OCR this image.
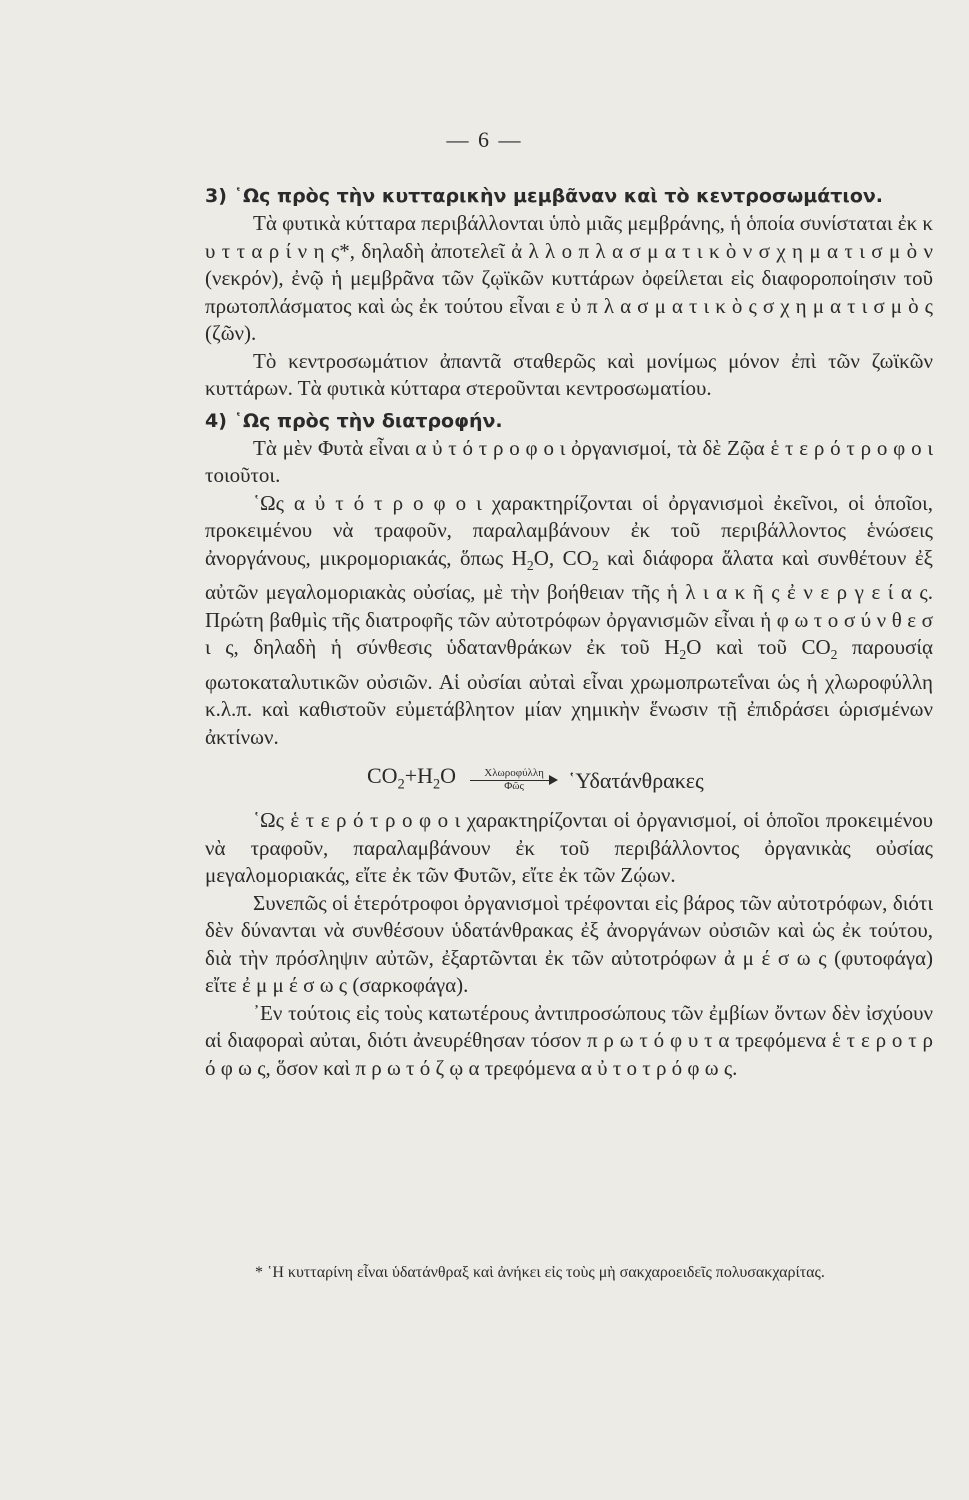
— 6 —

3) ῾Ως πρὸς τὴν κυτταρικὴν μεμβᾶναν καὶ τὸ κεντροσωμάτιον.

Τὰ φυτικὰ κύτταρα περιβάλλονται ὑπὸ μιᾶς μεμβράνης, ἡ ὁποία συνίσταται ἐκ κ υ τ τ α ρ ί ν η ς*, δηλαδὴ ἀποτελεῖ ἀ λ λ ο π λ α σ μ α τ ι κ ὸ ν σ χ η μ α τ ι σ μ ὸ ν (νεκρόν), ἐνῷ ἡ μεμβρᾶνα τῶν ζῳϊκῶν κυττάρων ὀφείλεται εἰς διαφοροποίησιν τοῦ πρωτοπλάσματος καὶ ὡς ἐκ τούτου εἶναι ε ὐ π λ α σ μ α τ ι κ ὸ ς σ χ η μ α τ ι σ μ ὸ ς (ζῶν).

Τὸ κεντροσωμάτιον ἀπαντᾶ σταθερῶς καὶ μονίμως μόνον ἐπὶ τῶν ζωϊκῶν κυττάρων. Τὰ φυτικὰ κύτταρα στεροῦνται κεντροσωματίου.

4) ῾Ως πρὸς τὴν διατροφήν.

Τὰ μὲν Φυτὰ εἶναι α ὐ τ ό τ ρ ο φ ο ι ὀργανισμοί, τὰ δὲ Ζῷα ἑ τ ε ρ ό τ ρ ο φ ο ι τοιοῦτοι.

῾Ως α ὐ τ ό τ ρ ο φ ο ι χαρακτηρίζονται οἱ ὀργανισμοὶ ἐκεῖνοι, οἱ ὁποῖοι, προκειμένου νὰ τραφοῦν, παραλαμβάνουν ἐκ τοῦ περιβάλλοντος ἑνώσεις ἀνοργάνους, μικρομοριακάς, ὅπως $H_2O$, $CO_2$ καὶ διάφορα ἅλατα καὶ συνθέτουν ἐξ αὐτῶν μεγαλομοριακὰς οὐσίας, μὲ τὴν βοήθειαν τῆς ἡ λ ι α κ ῆ ς ἐ ν ε ρ γ ε ί α ς. Πρώτη βαθμὶς τῆς διατροφῆς τῶν αὐτοτρόφων ὀργανισμῶν εἶναι ἡ φ ω τ ο σ ύ ν θ ε σ ι ς, δηλαδὴ ἡ σύνθεσις ὑδατανθράκων ἐκ τοῦ $H_2O$ καὶ τοῦ $CO_2$ παρουσίᾳ φωτοκαταλυτικῶν οὐσιῶν. Αἱ οὐσίαι αὐταὶ εἶναι χρωμοπρωτεΐναι ὡς ἡ χλωροφύλλη κ.λ.π. καὶ καθιστοῦν εὐμετάβλητον μίαν χημικὴν ἕνωσιν τῇ ἐπιδράσει ὡρισμένων ἀκτίνων.

$CO_2+H_2O$	Χλωροφύλλη
Φῶς	῾Υδατάνθρακες

῾Ως ἑ τ ε ρ ό τ ρ ο φ ο ι χαρακτηρίζονται οἱ ὀργανισμοί, οἱ ὁποῖοι προκειμένου νὰ τραφοῦν, παραλαμβάνουν ἐκ τοῦ περιβάλλοντος ὀργανικὰς οὐσίας μεγαλομοριακάς, εἴτε ἐκ τῶν Φυτῶν, εἴτε ἐκ τῶν Ζῴων.

Συνεπῶς οἱ ἑτερότροφοι ὀργανισμοὶ τρέφονται εἰς βάρος τῶν αὐτοτρόφων, διότι δὲν δύνανται νὰ συνθέσουν ὑδατάνθρακας ἐξ ἀνοργάνων οὐσιῶν καὶ ὡς ἐκ τούτου, διὰ τὴν πρόσληψιν αὐτῶν, ἐξαρτῶνται ἐκ τῶν αὐτοτρόφων ἀ μ έ σ ω ς (φυτοφάγα) εἴτε ἐ μ μ έ σ ω ς (σαρκοφάγα).

᾿Εν τούτοις εἰς τοὺς κατωτέρους ἀντιπροσώπους τῶν ἐμβίων ὄντων δὲν ἰσχύουν αἱ διαφοραὶ αὐται, διότι ἀνευρέθησαν τόσον π ρ ω τ ό φ υ τ α τρεφόμενα ἑ τ ε ρ ο τ ρ ό φ ω ς, ὅσον καὶ π ρ ω τ ό ζ ῳ α τρεφόμενα α ὐ τ ο τ ρ ό φ ω ς.

* ῾Η κυτταρίνη εἶναι ὑδατάνθραξ καὶ ἀνήκει εἰς τοὺς μὴ σακχαροειδεῖς πολυσακχαρίτας.
